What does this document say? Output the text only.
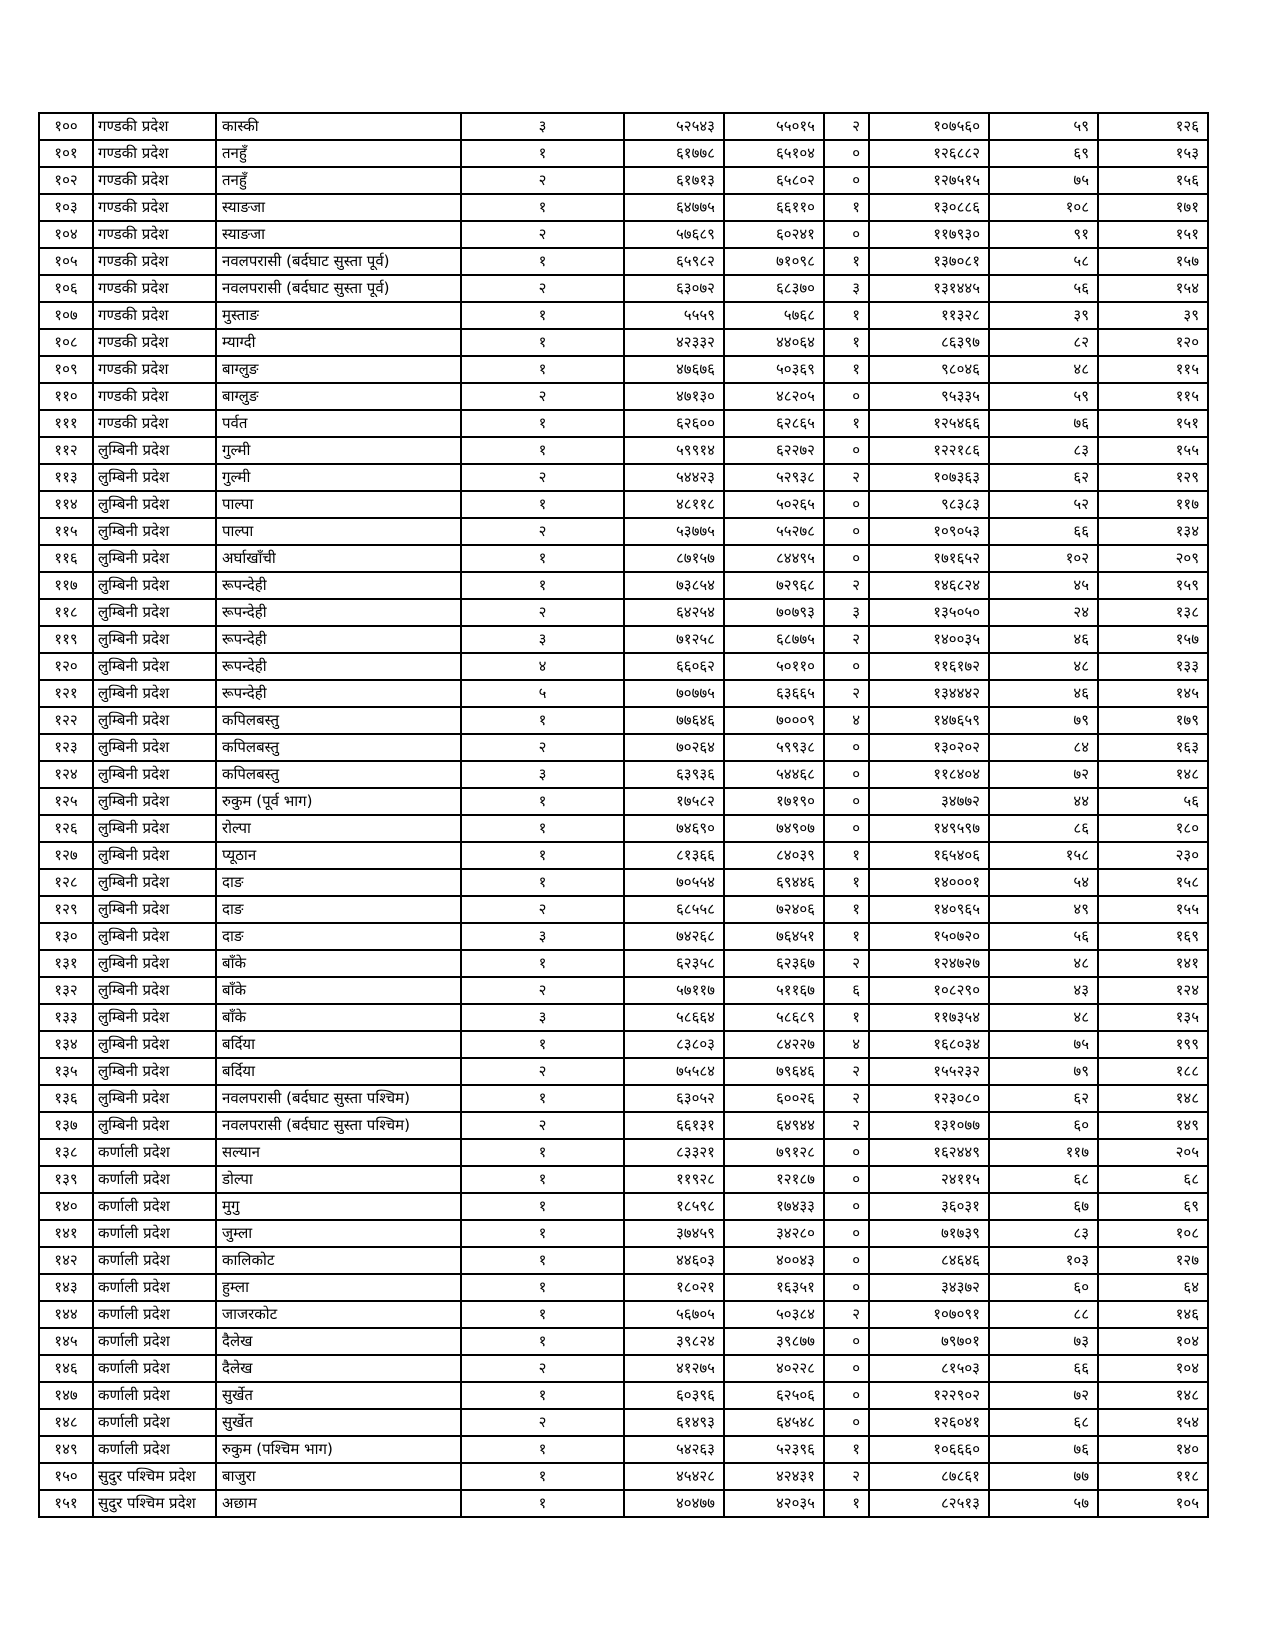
१००	गण्डकी प्रदेश	कास्की	३	५२५४३	५५०१५	२	१०७५६०	५९	१२६
१०१	गण्डकी प्रदेश	तनहुँ	१	६१७७८	६५१०४	०	१२६८८२	६९	१५३
१०२	गण्डकी प्रदेश	तनहुँ	२	६१७१३	६५८०२	०	१२७५१५	७५	१५६
१०३	गण्डकी प्रदेश	स्याङजा	१	६४७७५	६६११०	१	१३०८८६	१०८	१७१
१०४	गण्डकी प्रदेश	स्याङजा	२	५७६८९	६०२४१	०	११७९३०	९१	१५१
१०५	गण्डकी प्रदेश	नवलपरासी (बर्दघाट सुस्ता पूर्व)	१	६५९८२	७१०९८	१	१३७०८१	५८	१५७
१०६	गण्डकी प्रदेश	नवलपरासी (बर्दघाट सुस्ता पूर्व)	२	६३०७२	६८३७०	३	१३१४४५	५६	१५४
१०७	गण्डकी प्रदेश	मुस्ताङ	१	५५५९	५७६८	१	११३२८	३९	३९
१०८	गण्डकी प्रदेश	म्याग्दी	१	४२३३२	४४०६४	१	८६३९७	८२	१२०
१०९	गण्डकी प्रदेश	बाग्लुङ	१	४७६७६	५०३६९	१	९८०४६	४८	११५
११०	गण्डकी प्रदेश	बाग्लुङ	२	४७१३०	४८२०५	०	९५३३५	५९	११५
१११	गण्डकी प्रदेश	पर्वत	१	६२६००	६२८६५	१	१२५४६६	७६	१५१
११२	लुम्बिनी प्रदेश	गुल्मी	१	५९९१४	६२२७२	०	१२२१८६	८३	१५५
११३	लुम्बिनी प्रदेश	गुल्मी	२	५४४२३	५२९३८	२	१०७३६३	६२	१२९
११४	लुम्बिनी प्रदेश	पाल्पा	१	४८११८	५०२६५	०	९८३८३	५२	११७
११५	लुम्बिनी प्रदेश	पाल्पा	२	५३७७५	५५२७८	०	१०९०५३	६६	१३४
११६	लुम्बिनी प्रदेश	अर्घाखाँची	१	८७१५७	८४४९५	०	१७१६५२	१०२	२०९
११७	लुम्बिनी प्रदेश	रूपन्देही	१	७३८५४	७२९६८	२	१४६८२४	४५	१५९
११८	लुम्बिनी प्रदेश	रूपन्देही	२	६४२५४	७०७९३	३	१३५०५०	२४	१३८
११९	लुम्बिनी प्रदेश	रूपन्देही	३	७१२५८	६८७७५	२	१४००३५	४६	१५७
१२०	लुम्बिनी प्रदेश	रूपन्देही	४	६६०६२	५०११०	०	११६१७२	४८	१३३
१२१	लुम्बिनी प्रदेश	रूपन्देही	५	७०७७५	६३६६५	२	१३४४४२	४६	१४५
१२२	लुम्बिनी प्रदेश	कपिलबस्तु	१	७७६४६	७०००९	४	१४७६५९	७९	१७९
१२३	लुम्बिनी प्रदेश	कपिलबस्तु	२	७०२६४	५९९३८	०	१३०२०२	८४	१६३
१२४	लुम्बिनी प्रदेश	कपिलबस्तु	३	६३९३६	५४४६८	०	११८४०४	७२	१४८
१२५	लुम्बिनी प्रदेश	रुकुम (पूर्व भाग)	१	१७५८२	१७१९०	०	३४७७२	४४	५६
१२६	लुम्बिनी प्रदेश	रोल्पा	१	७४६९०	७४९०७	०	१४९५९७	८६	१८०
१२७	लुम्बिनी प्रदेश	प्यूठान	१	८१३६६	८४०३९	१	१६५४०६	१५८	२३०
१२८	लुम्बिनी प्रदेश	दाङ	१	७०५५४	६९४४६	१	१४०००१	५४	१५८
१२९	लुम्बिनी प्रदेश	दाङ	२	६८५५८	७२४०६	१	१४०९६५	४९	१५५
१३०	लुम्बिनी प्रदेश	दाङ	३	७४२६८	७६४५१	१	१५०७२०	५६	१६९
१३१	लुम्बिनी प्रदेश	बाँके	१	६२३५८	६२३६७	२	१२४७२७	४८	१४१
१३२	लुम्बिनी प्रदेश	बाँके	२	५७११७	५११६७	६	१०८२९०	४३	१२४
१३३	लुम्बिनी प्रदेश	बाँके	३	५८६६४	५८६८९	१	११७३५४	४८	१३५
१३४	लुम्बिनी प्रदेश	बर्दिया	१	८३८०३	८४२२७	४	१६८०३४	७५	१९९
१३५	लुम्बिनी प्रदेश	बर्दिया	२	७५५८४	७९६४६	२	१५५२३२	७९	१८८
१३६	लुम्बिनी प्रदेश	नवलपरासी (बर्दघाट सुस्ता पश्चिम)	१	६३०५२	६००२६	२	१२३०८०	६२	१४८
१३७	लुम्बिनी प्रदेश	नवलपरासी (बर्दघाट सुस्ता पश्चिम)	२	६६१३१	६४९४४	२	१३१०७७	६०	१४९
१३८	कर्णाली प्रदेश	सल्यान	१	८३३२१	७९१२८	०	१६२४४९	११७	२०५
१३९	कर्णाली प्रदेश	डोल्पा	१	११९२८	१२१८७	०	२४११५	६८	६८
१४०	कर्णाली प्रदेश	मुगु	१	१८५९८	१७४३३	०	३६०३१	६७	६९
१४१	कर्णाली प्रदेश	जुम्ला	१	३७४५९	३४२८०	०	७१७३९	८३	१०८
१४२	कर्णाली प्रदेश	कालिकोट	१	४४६०३	४००४३	०	८४६४६	१०३	१२७
१४३	कर्णाली प्रदेश	हुम्ला	१	१८०२१	१६३५१	०	३४३७२	६०	६४
१४४	कर्णाली प्रदेश	जाजरकोट	१	५६७०५	५०३८४	२	१०७०९१	८८	१४६
१४५	कर्णाली प्रदेश	दैलेख	१	३९८२४	३९८७७	०	७९७०१	७३	१०४
१४६	कर्णाली प्रदेश	दैलेख	२	४१२७५	४०२२८	०	८१५०३	६६	१०४
१४७	कर्णाली प्रदेश	सुर्खेत	१	६०३९६	६२५०६	०	१२२९०२	७२	१४८
१४८	कर्णाली प्रदेश	सुर्खेत	२	६१४९३	६४५४८	०	१२६०४१	६८	१५४
१४९	कर्णाली प्रदेश	रुकुम (पश्चिम भाग)	१	५४२६३	५२३९६	१	१०६६६०	७६	१४०
१५०	सुदुर पश्चिम प्रदेश	बाजुरा	१	४५४२८	४२४३१	२	८७८६१	७७	११८
१५१	सुदुर पश्चिम प्रदेश	अछाम	१	४०४७७	४२०३५	१	८२५१३	५७	१०५
